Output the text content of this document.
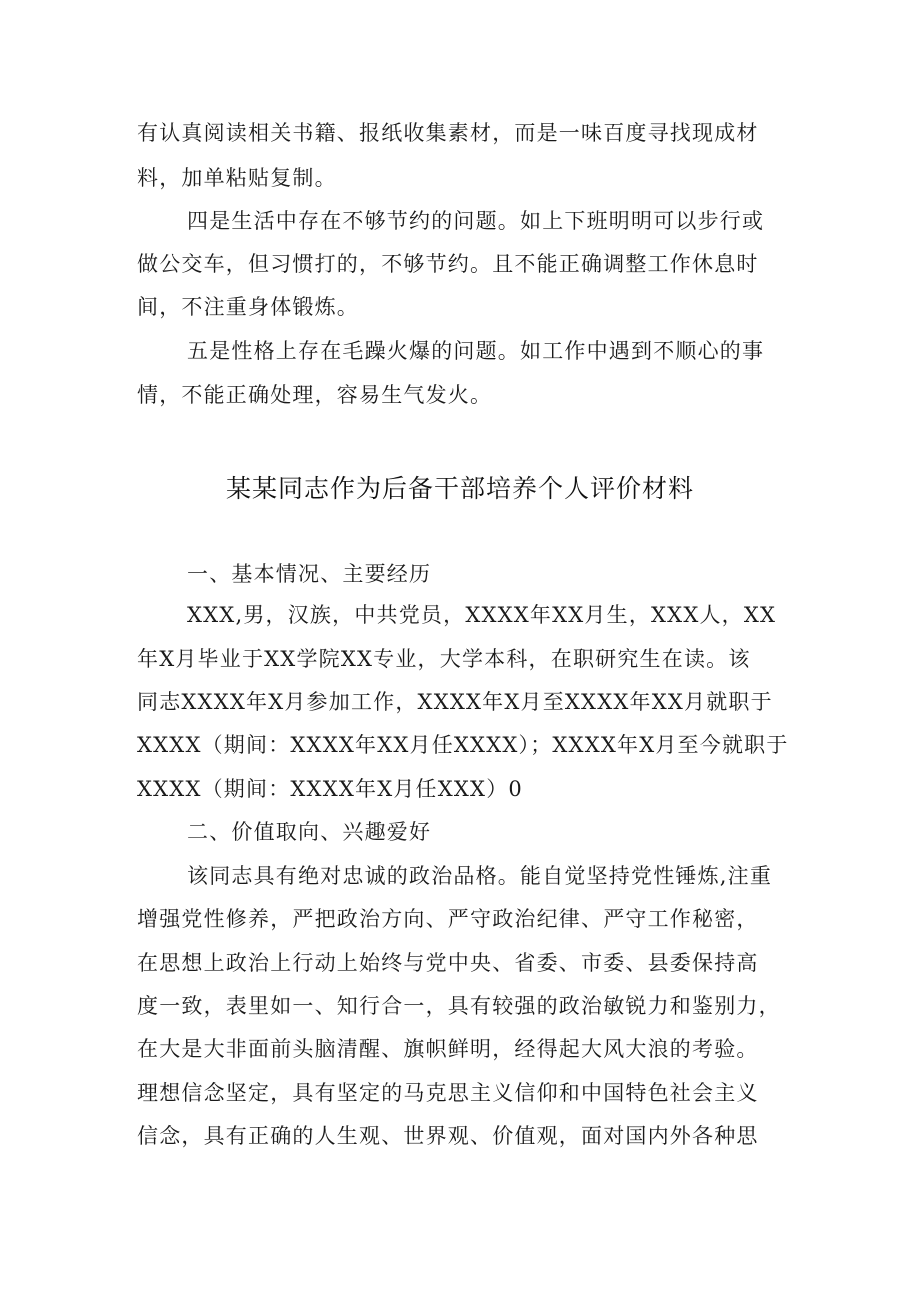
有认真阅读相关书籍、报纸收集素材，而是一味百度寻找现成材
料，加单粘贴复制。
四是生活中存在不够节约的问题。如上下班明明可以步行或
做公交车，但习惯打的，不够节约。且不能正确调整工作休息时
间，不注重身体锻炼。
五是性格上存在毛躁火爆的问题。如工作中遇到不顺心的事
情，不能正确处理，容易生气发火。
某某同志作为后备干部培养个人评价材料
一、基本情况、主要经历
XXX,男，汉族，中共党员，XXXX年XX月生，XXX人，XX
年X月毕业于XX学院XX专业，大学本科，在职研究生在读。该
同志XXXX年X月参加工作，XXXX年X月至XXXX年XX月就职于
XXXX（期间：XXXX年XX月任XXXX）；XXXX年X月至今就职于
XXXX（期间：XXXX年X月任XXX）0
二、价值取向、兴趣爱好
该同志具有绝对忠诚的政治品格。能自觉坚持党性锤炼,注重
增强党性修养，严把政治方向、严守政治纪律、严守工作秘密，
在思想上政治上行动上始终与党中央、省委、市委、县委保持高
度一致，表里如一、知行合一，具有较强的政治敏锐力和鉴别力，
在大是大非面前头脑清醒、旗帜鲜明，经得起大风大浪的考验。
理想信念坚定，具有坚定的马克思主义信仰和中国特色社会主义
信念，具有正确的人生观、世界观、价值观，面对国内外各种思
